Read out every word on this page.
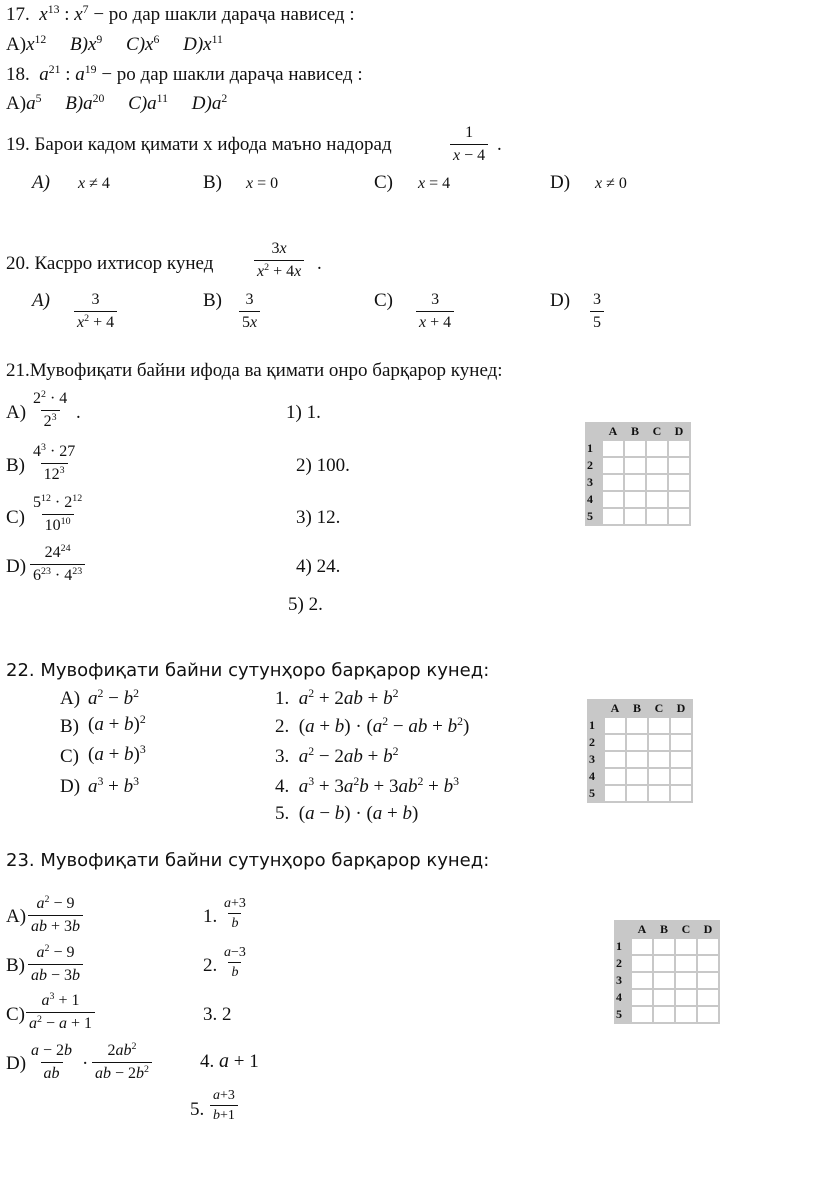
17. $x^{13}$ : $x^7$ − ро дар шакли дараҷа нависед :
$A)x^{12}$ $B)x^9$ $C)x^6$ $D)x^{11}$
18. $a^{21}$ : $a^{19}$ − ро дар шакли дараҷа нависед :
$A)a^5$ $B)a^{20}$ $C)a^{11}$ $D)a^2$
19. Барои кадом қимати х ифода маъно надорад	$\frac{1}{x - 4}$ .
A) x ≠ 4	B) x = 0	C) x = 4	D) x ≠ 0
20. Касрро ихтисор кунед	$\frac{3x}{x^2 + 4x}$ .
$A) \frac{3}{x^2 + 4}$	$B) \frac{3}{5x}$	$C) \frac{3}{x + 4}$	$D) \frac{3}{5}$
21.Мувофиқати байни ифода ва қимати онро барқарор кунед:
$A) \frac{2^2 \cdot 4}{2^3}$ .
$B) \frac{4^3 \cdot 27}{12^3}$
$C) \frac{5^{12} \cdot 2^{12}}{10^{10}}$
$D) \frac{24^{24}}{6^{23} \cdot 4^{23}}$
1) 1.
2) 100.
3) 12.
4) 24.
5) 2.
	A	B	C	D
1				
2				
3				
4				
5				
22. Мувофиқати байни сутунҳоро барқарор кунед:
A) $a^2 - b^2$
B) $(a + b)^2$
C) $(a + b)^3$
D) $a^3 + b^3$
1. $a^2 + 2ab + b^2$
2.  $(a + b) \cdot (a^2$ − ab + $b^2$)
3. $a^2 - 2ab + b^2$
4. $a^3 + 3a^2b + 3ab^2 + b^3$
5.  (a − b) · (a + b)
	A	B	C	D
1				
2				
3				
4				
5				
23. Мувофиқати байни сутунҳоро барқарор кунед:
$A) \frac{a^2 - 9}{ab + 3b}$
$B) \frac{a^2 - 9}{ab - 3b}$
$C) \frac{a^3 + 1}{a^2 - a + 1}$
$D) \frac{a - 2b}{ab} \cdot \frac{2ab^2}{ab - 2b^2}$
1. $\frac{a+3}{b}$
2. $\frac{a-3}{b}$
3. 2
4. a + 1
5. $\frac{a+3}{b+1}$
	A	B	C	D
1				
2				
3				
4				
5				
